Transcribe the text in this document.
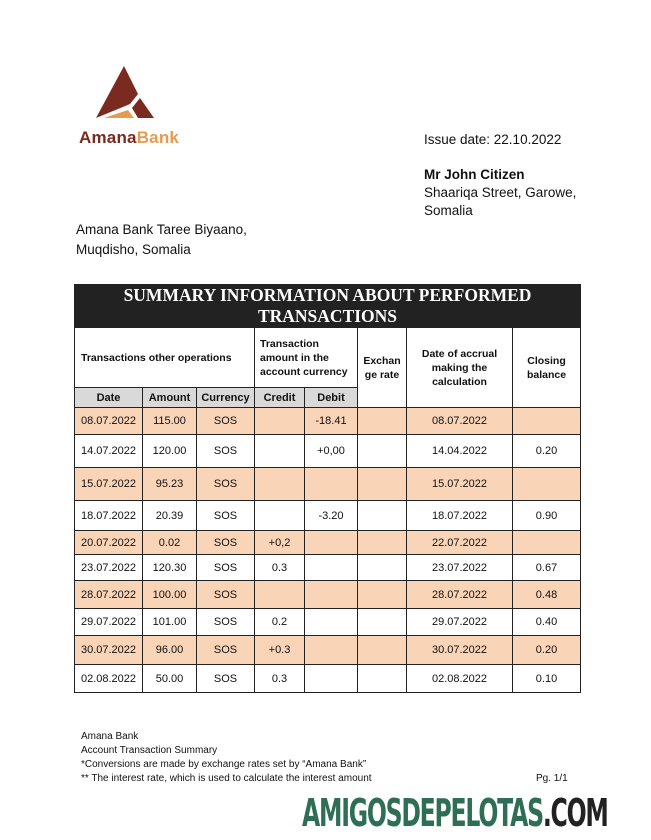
AmanaBank	Issue date: 22.10.2022
Mr John Citizen
Shaariqa Street, Garowe,
Somalia
Amana Bank Taree Biyaano,
Muqdisho, Somalia
SUMMARY INFORMATION ABOUT PERFORMED TRANSACTIONS							
Transactions other operations			Transaction amount in the account currency		Exchan ge rate	Date of accrual making the calculation	Closing balance
Date	Amount	Currency	Credit	Debit			
08.07.2022	115.00	SOS		-18.41		08.07.2022	
14.07.2022	120.00	SOS		+0,00		14.04.2022	0.20
15.07.2022	95.23	SOS				15.07.2022	
18.07.2022	20.39	SOS		-3.20		18.07.2022	0.90
20.07.2022	0.02	SOS	+0,2			22.07.2022	
23.07.2022	120.30	SOS	0.3			23.07.2022	0.67
28.07.2022	100.00	SOS				28.07.2022	0.48
29.07.2022	101.00	SOS	0.2			29.07.2022	0.40
30.07.2022	96.00	SOS	+0.3			30.07.2022	0.20
02.08.2022	50.00	SOS	0.3			02.08.2022	0.10
Amana Bank
Account Transaction Summary
*Conversions are made by exchange rates set by “Amana Bank”
** The interest rate, which is used to calculate the interest amount	Pg. 1/1
AMIGOSDEPELOTAS.COM
